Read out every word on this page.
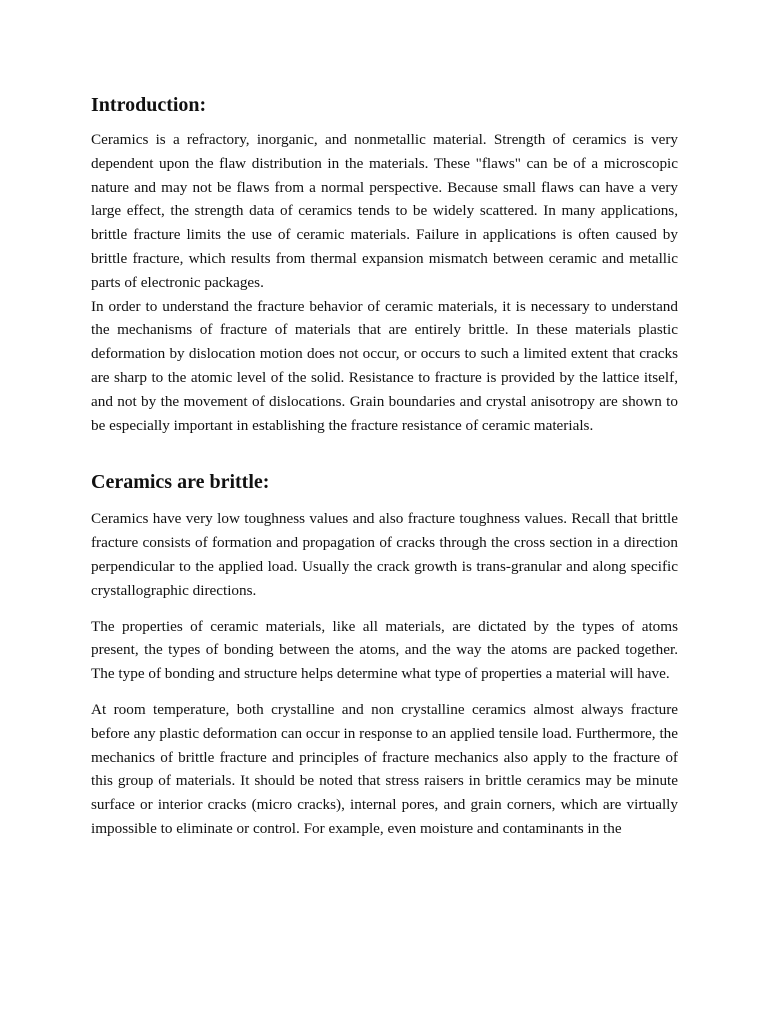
Introduction:

Ceramics is a refractory, inorganic, and nonmetallic material. Strength of ceramics is very dependent upon the flaw distribution in the materials. These "flaws" can be of a microscopic nature and may not be flaws from a normal perspective. Because small flaws can have a very large effect, the strength data of ceramics tends to be widely scattered. In many applications, brittle fracture limits the use of ceramic materials. Failure in applications is often caused by brittle fracture, which results from thermal expansion mismatch between ceramic and metallic parts of electronic packages.

In order to understand the fracture behavior of ceramic materials, it is necessary to understand the mechanisms of fracture of materials that are entirely brittle. In these materials plastic deformation by dislocation motion does not occur, or occurs to such a limited extent that cracks are sharp to the atomic level of the solid. Resistance to fracture is provided by the lattice itself, and not by the movement of dislocations. Grain boundaries and crystal anisotropy are shown to be especially important in establishing the fracture resistance of ceramic materials.

Ceramics are brittle:

Ceramics have very low toughness values and also fracture toughness values. Recall that brittle fracture consists of formation and propagation of cracks through the cross section in a direction perpendicular to the applied load. Usually the crack growth is trans-granular and along specific crystallographic directions.

The properties of ceramic materials, like all materials, are dictated by the types of atoms present, the types of bonding between the atoms, and the way the atoms are packed together. The type of bonding and structure helps determine what type of properties a material will have.

At room temperature, both crystalline and non crystalline ceramics almost always fracture before any plastic deformation can occur in response to an applied tensile load. Furthermore, the mechanics of brittle fracture and principles of fracture mechanics also apply to the fracture of this group of materials. It should be noted that stress raisers in brittle ceramics may be minute surface or interior cracks (micro cracks), internal pores, and grain corners, which are virtually impossible to eliminate or control. For example, even moisture and contaminants in the
